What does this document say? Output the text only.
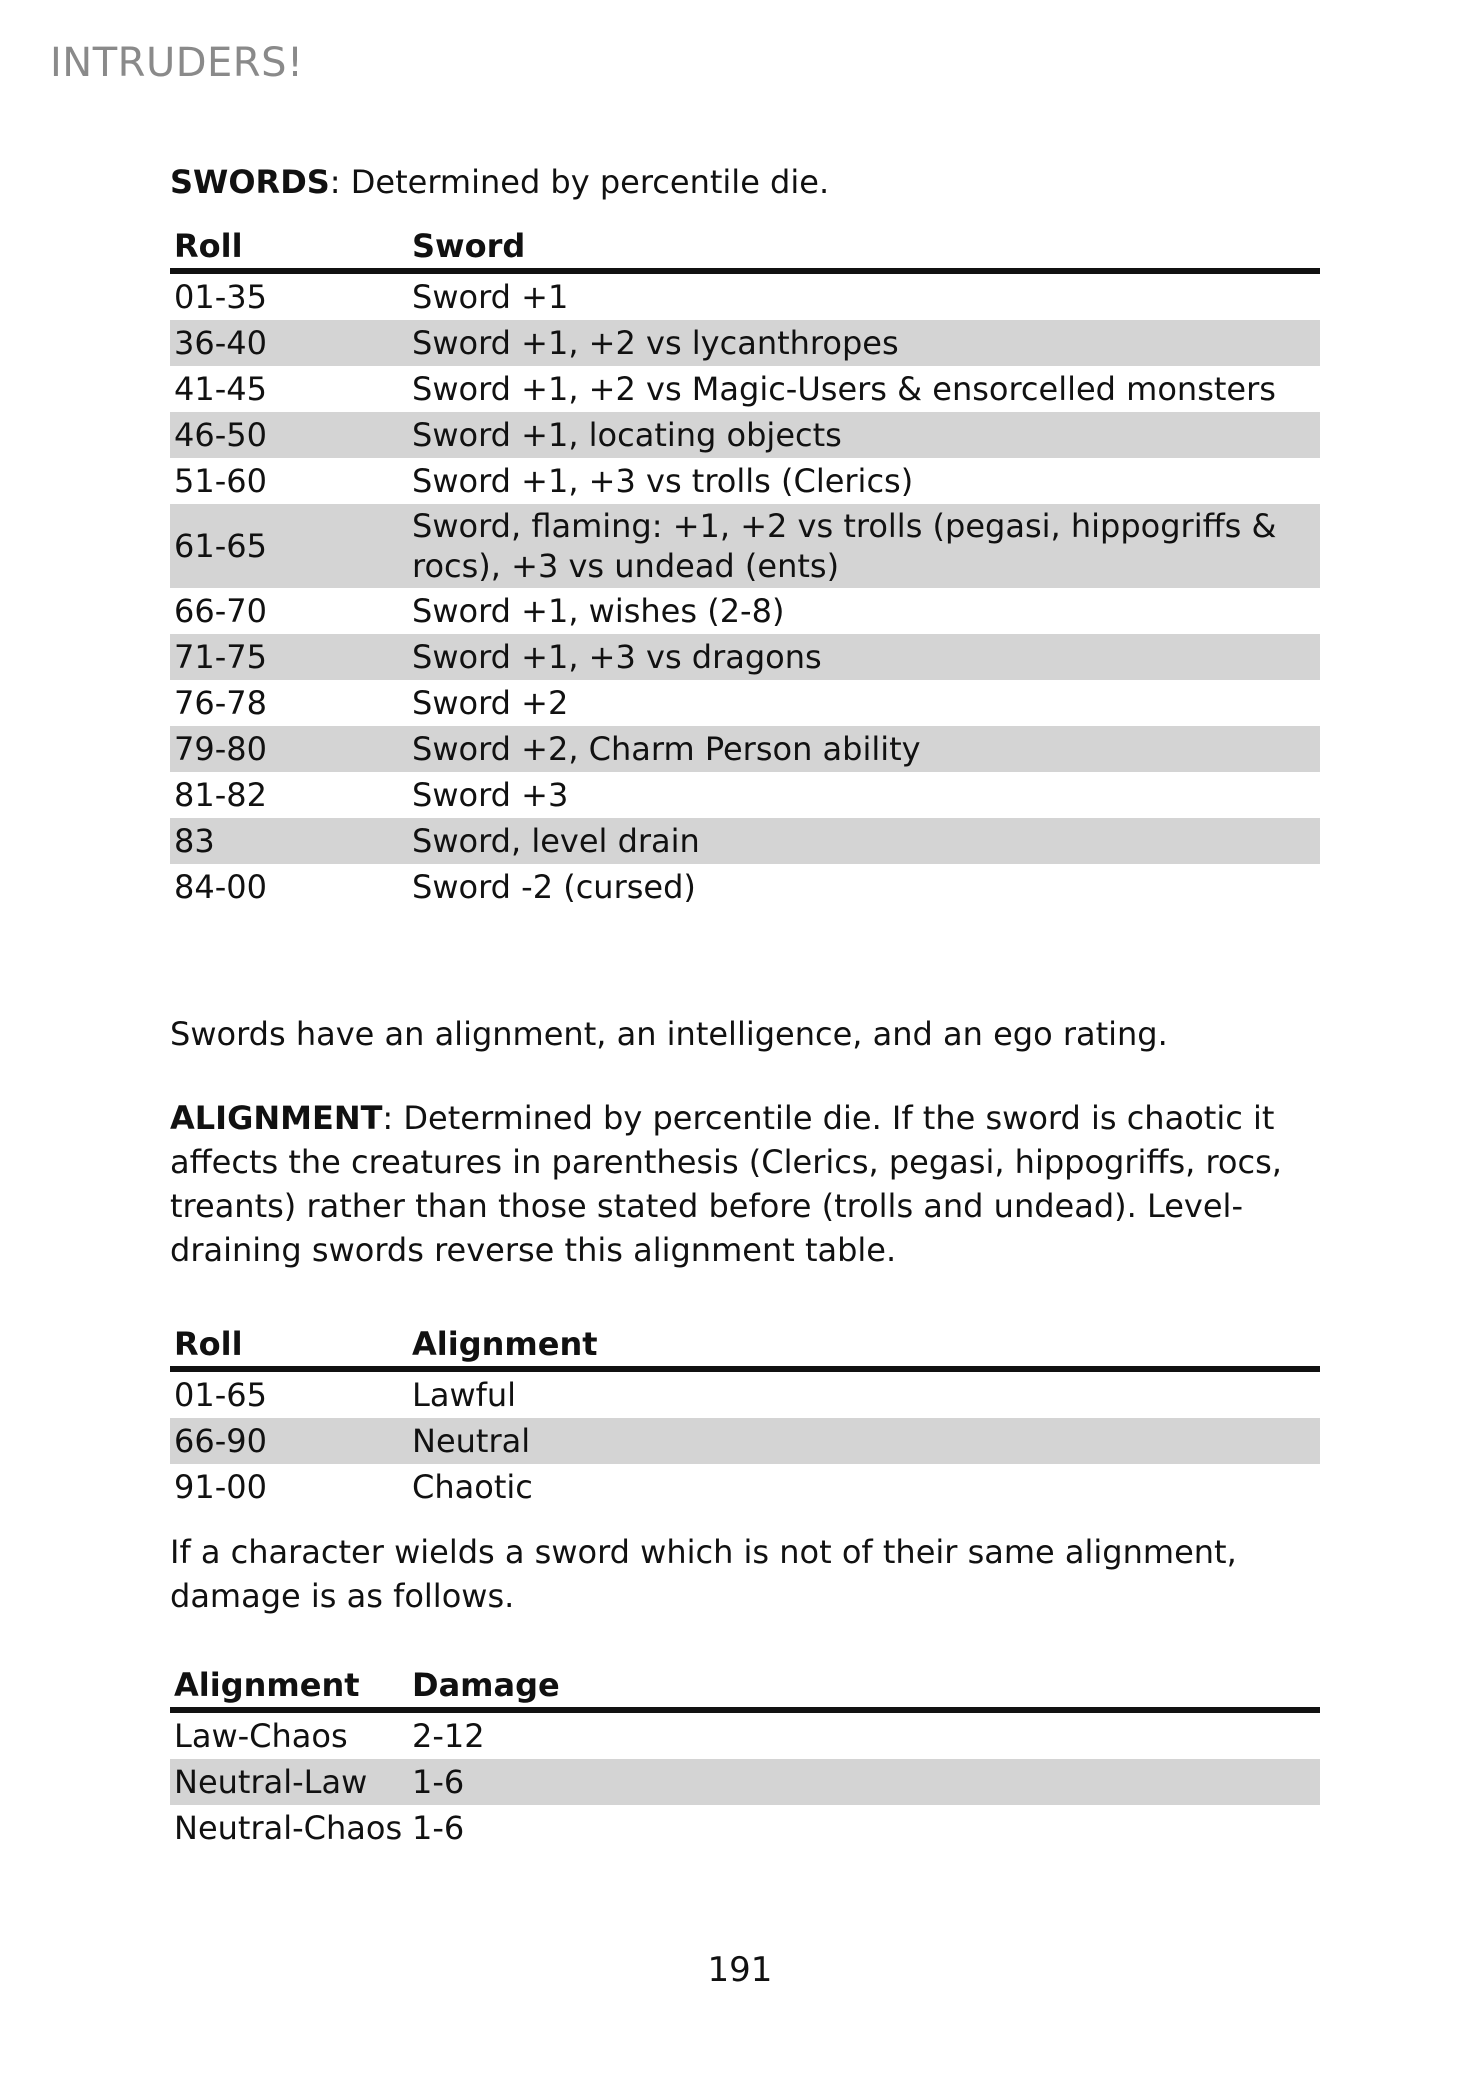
INTRUDERS!

SWORDS: Determined by percentile die.

Roll	Sword
01-35	Sword +1
36-40	Sword +1, +2 vs lycanthropes
41-45	Sword +1, +2 vs Magic-Users & ensorcelled monsters
46-50	Sword +1, locating objects
51-60	Sword +1, +3 vs trolls (Clerics)
61-65	Sword, flaming: +1, +2 vs trolls (pegasi, hippogriffs & rocs), +3 vs undead (ents)
66-70	Sword +1, wishes (2-8)
71-75	Sword +1, +3 vs dragons
76-78	Sword +2
79-80	Sword +2, Charm Person ability
81-82	Sword +3
83	Sword, level drain
84-00	Sword -2 (cursed)

Swords have an alignment, an intelligence, and an ego rating.

ALIGNMENT: Determined by percentile die. If the sword is chaotic it affects the creatures in parenthesis (Clerics, pegasi, hippogriffs, rocs, treants) rather than those stated before (trolls and undead). Level-draining swords reverse this alignment table.

Roll	Alignment
01-65	Lawful
66-90	Neutral
91-00	Chaotic

If a character wields a sword which is not of their same alignment, damage is as follows.

Alignment	Damage
Law-Chaos	2-12
Neutral-Law	1-6
Neutral-Chaos	1-6
191
